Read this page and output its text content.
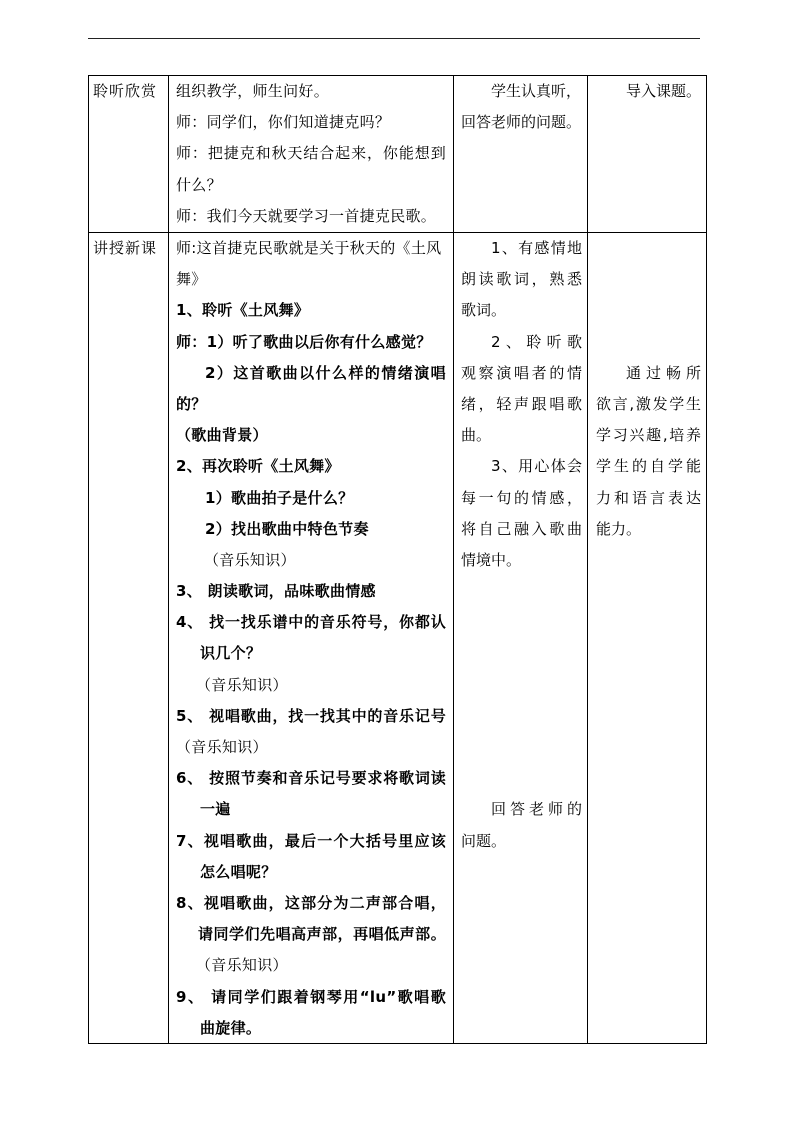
聆听欣赏	组织教学，师生问好。
师：同学们，你们知道捷克吗？
师：把捷克和秋天结合起来，你能想到
什么？
师：我们今天就要学习一首捷克民歌。
学生认真听，
回答老师的问题。
导入课题。
讲授新课	师:这首捷克民歌就是关于秋天的《土风
舞》
1、聆听《土风舞》
师：1）听了歌曲以后你有什么感觉？
2）这首歌曲以什么样的情绪演唱
的？
（歌曲背景）
2、再次聆听《土风舞》
1）歌曲拍子是什么？
2）找出歌曲中特色节奏
（音乐知识）
3、 朗读歌词，品味歌曲情感
4、 找一找乐谱中的音乐符号，你都认
识几个？
（音乐知识）
5、 视唱歌曲，找一找其中的音乐记号
（音乐知识）
6、 按照节奏和音乐记号要求将歌词读
一遍
7、视唱歌曲，最后一个大括号里应该
怎么唱呢？
8、视唱歌曲，这部分为二声部合唱，
请同学们先唱高声部，再唱低声部。
（音乐知识）
9、 请同学们跟着钢琴用“lu”歌唱歌
曲旋律。
1、有感情地
朗读歌词，熟悉
歌词。
2、聆听歌
观察演唱者的情
绪，轻声跟唱歌
曲。
3、用心体会
每一句的情感，
将自己融入歌曲
情境中。
回答老师的
问题。
通过畅所
欲言,激发学生
学习兴趣,培养
学生的自学能
力和语言表达
能力。
